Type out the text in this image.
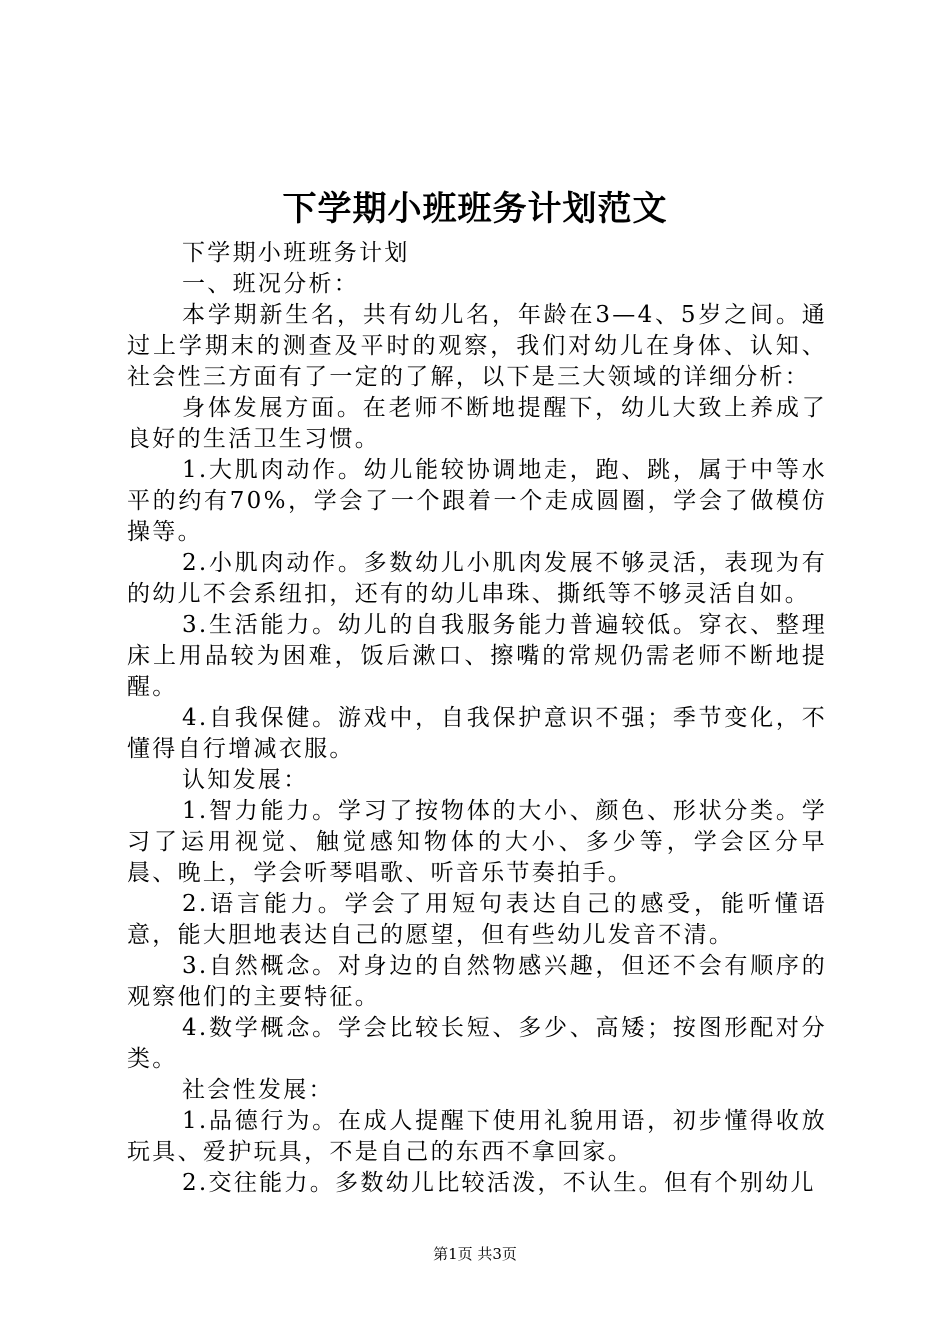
下学期小班班务计划范文

下学期小班班务计划

一、班况分析：

本学期新生名，共有幼儿名，年龄在3—4、5岁之间。通过上学期末的测查及平时的观察，我们对幼儿在身体、认知、社会性三方面有了一定的了解，以下是三大领域的详细分析：

身体发展方面。在老师不断地提醒下，幼儿大致上养成了良好的生活卫生习惯。

1.大肌肉动作。幼儿能较协调地走，跑、跳，属于中等水平的约有70%，学会了一个跟着一个走成圆圈，学会了做模仿操等。

2.小肌肉动作。多数幼儿小肌肉发展不够灵活，表现为有的幼儿不会系纽扣，还有的幼儿串珠、撕纸等不够灵活自如。

3.生活能力。幼儿的自我服务能力普遍较低。穿衣、整理床上用品较为困难，饭后漱口、擦嘴的常规仍需老师不断地提醒。

4.自我保健。游戏中，自我保护意识不强；季节变化，不懂得自行增减衣服。

认知发展：

1.智力能力。学习了按物体的大小、颜色、形状分类。学习了运用视觉、触觉感知物体的大小、多少等，学会区分早晨、晚上，学会听琴唱歌、听音乐节奏拍手。

2.语言能力。学会了用短句表达自己的感受，能听懂语意，能大胆地表达自己的愿望，但有些幼儿发音不清。

3.自然概念。对身边的自然物感兴趣，但还不会有顺序的观察他们的主要特征。

4.数学概念。学会比较长短、多少、高矮；按图形配对分类。

社会性发展：

1.品德行为。在成人提醒下使用礼貌用语，初步懂得收放玩具、爱护玩具，不是自己的东西不拿回家。

2.交往能力。多数幼儿比较活泼，不认生。但有个别幼儿

第1页 共3页
